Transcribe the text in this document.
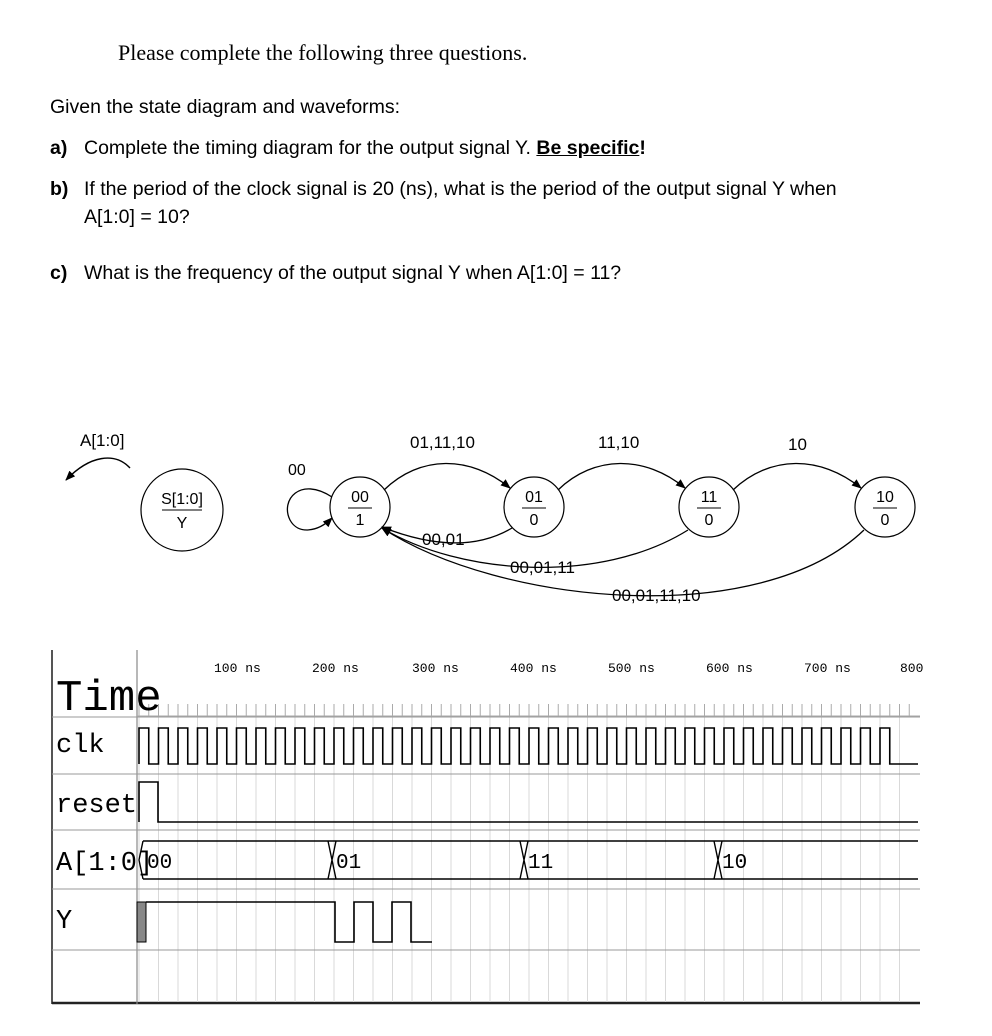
Please complete the following three questions.
Given the state diagram and waveforms:
a) Complete the timing diagram for the output signal Y. Be specific!
b) If the period of the clock signal is 20 (ns), what is the period of the output signal Y when
A[1:0] = 10?
c) What is the frequency of the output signal Y when A[1:0] = 11?
A[1:0]
S[1:0]
Y
00
1
01
0
11
0
10
0
00
01,11,10	11,10	10
00,01
00,01,11
00,01,11,10
100 ns	200 ns	300 ns	400 ns	500 ns	600 ns	700 ns	800
Time
clk
reset
A[1:0]
Y
00	01	11	10
